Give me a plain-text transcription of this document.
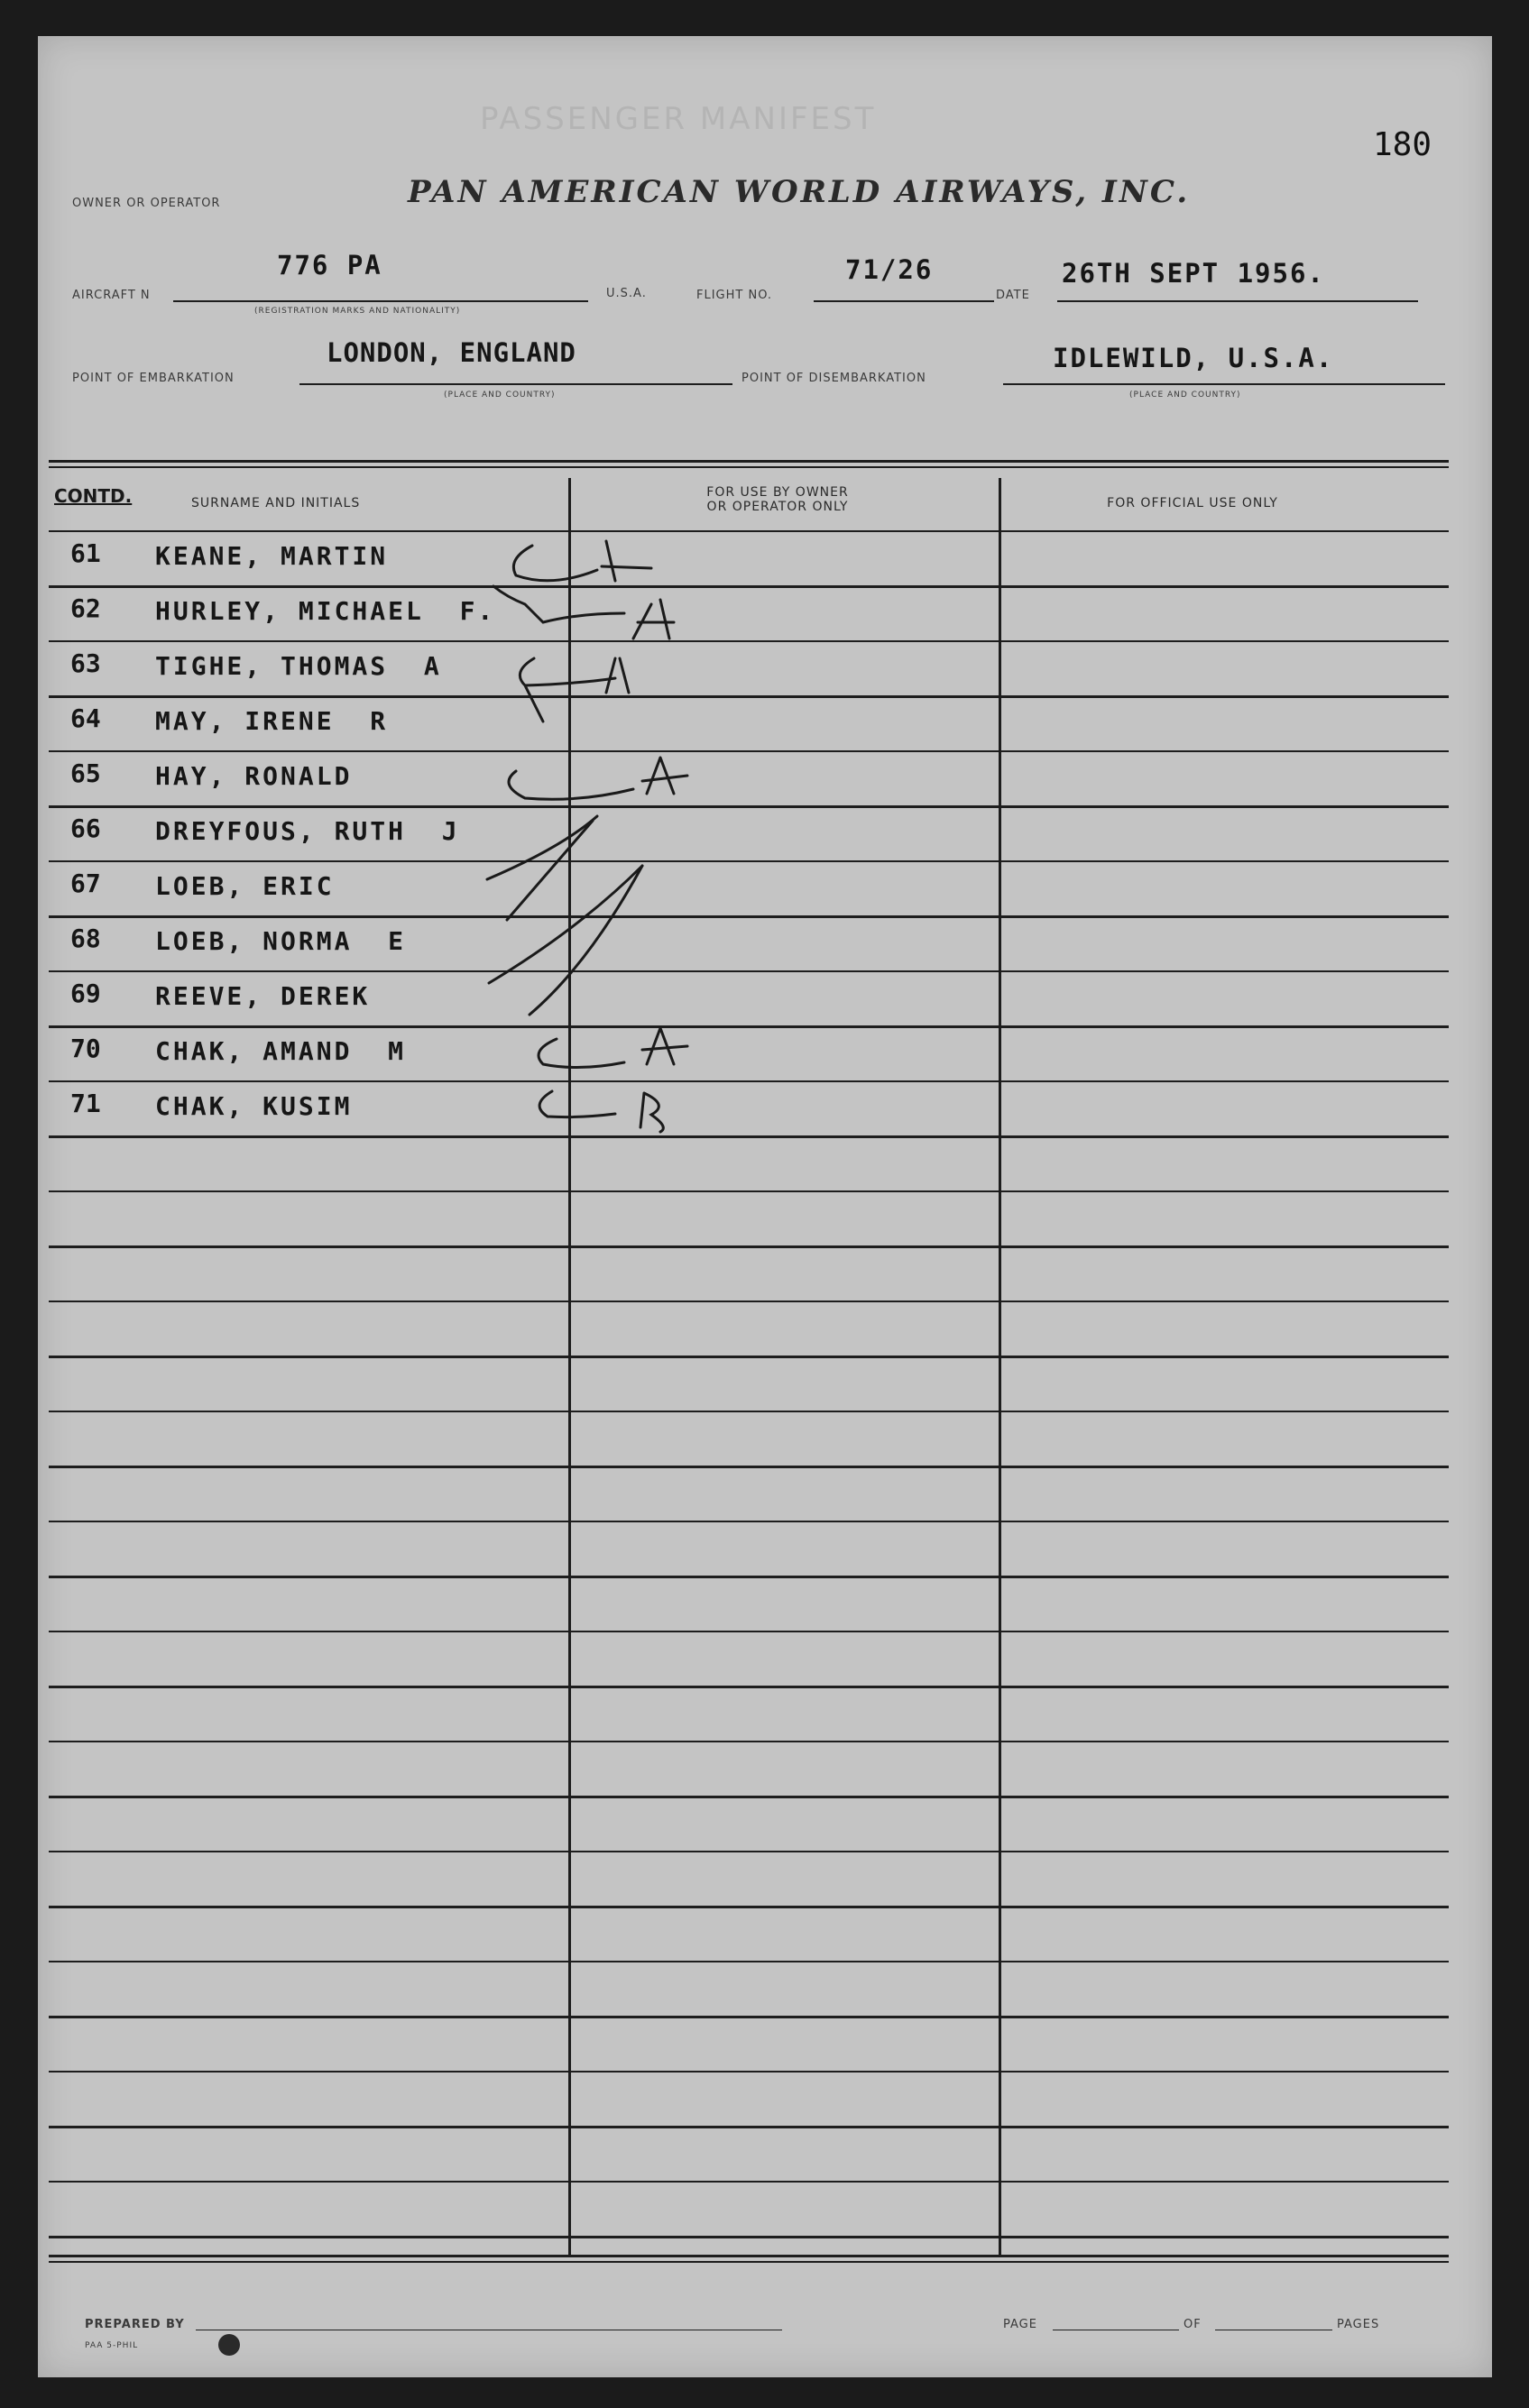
PASSENGER MANIFEST
180
OWNER OR OPERATOR	PAN AMERICAN WORLD AIRWAYS, INC.
AIRCRAFT N
776 PA
(REGISTRATION MARKS AND NATIONALITY)
U.S.A.	FLIGHT NO.
71/26
DATE
26TH SEPT 1956.
POINT OF EMBARKATION
LONDON, ENGLAND
(PLACE AND COUNTRY)
POINT OF DISEMBARKATION
IDLEWILD, U.S.A.
(PLACE AND COUNTRY)
CONTD.	SURNAME AND INITIALS
FOR USE BY OWNER
OR OPERATOR ONLY	FOR OFFICIAL USE ONLY
61 KEANE, MARTIN
62 HURLEY, MICHAEL  F.
63 TIGHE, THOMAS  A
64 MAY, IRENE  R
65 HAY, RONALD
66 DREYFOUS, RUTH  J
67 LOEB, ERIC
68 LOEB, NORMA  E
69 REEVE, DEREK
70 CHAK, AMAND  M
71 CHAK, KUSIM
PREPARED BY
PAA 5-PHIL
PAGE	OF	PAGES
